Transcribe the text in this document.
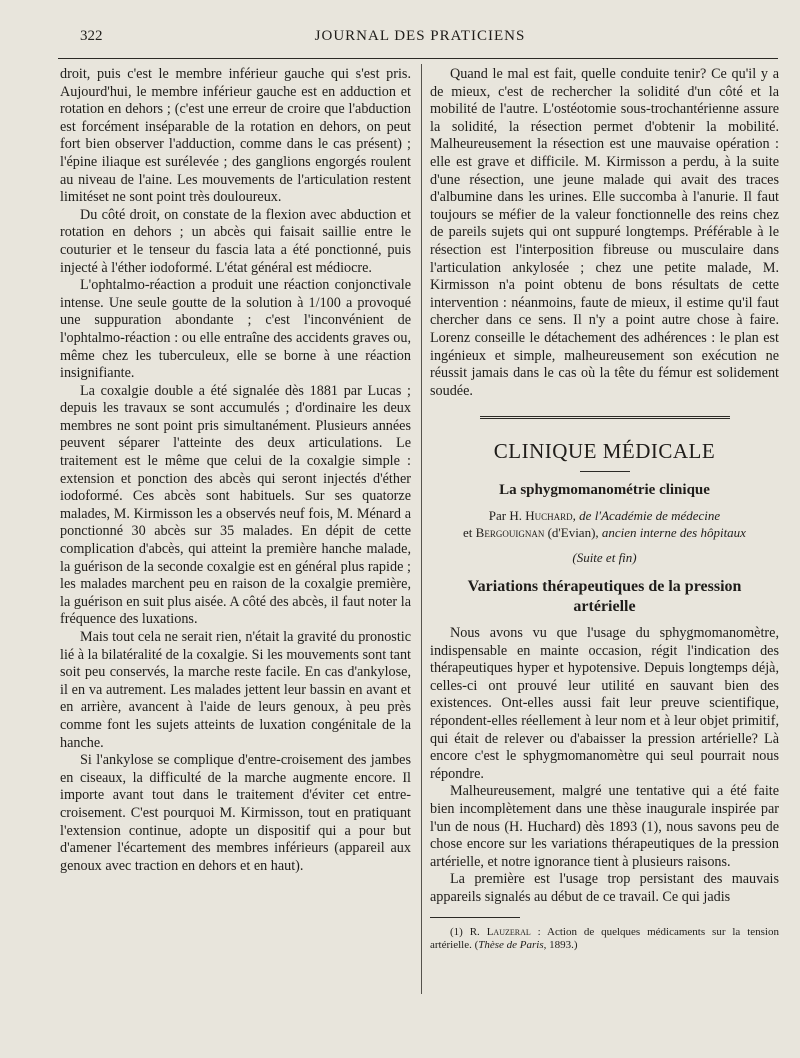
322	JOURNAL DES PRATICIENS

droit, puis c'est le membre inférieur gauche qui s'est pris. Aujourd'hui, le membre inférieur gauche est en adduction et rotation en dehors ; (c'est une erreur de croire que l'abduction est forcément inséparable de la rotation en dehors, on peut fort bien observer l'adduction, comme dans le cas présent) ; l'épine iliaque est surélevée ; des ganglions engorgés roulent au niveau de l'aine. Les mouvements de l'articulation restent limitéset ne sont point très douloureux.

Du côté droit, on constate de la flexion avec abduction et rotation en dehors ; un abcès qui faisait saillie entre le couturier et le tenseur du fascia lata a été ponctionné, puis injecté à l'éther iodoformé. L'état général est médiocre.

L'ophtalmo-réaction a produit une réaction conjonctivale intense. Une seule goutte de la solution à 1/100 a provoqué une suppuration abondante ; c'est l'inconvénient de l'ophtalmo-réaction : ou elle entraîne des accidents graves ou, même chez les tuberculeux, elle se borne à une réaction insignifiante.

La coxalgie double a été signalée dès 1881 par Lucas ; depuis les travaux se sont accumulés ; d'ordinaire les deux membres ne sont point pris simultanément. Plusieurs années peuvent séparer l'atteinte des deux articulations. Le traitement est le même que celui de la coxalgie simple : extension et ponction des abcès qui seront injectés d'éther iodoformé. Ces abcès sont habituels. Sur ses quatorze malades, M. Kirmisson les a observés neuf fois, M. Ménard a ponctionné 30 abcès sur 35 malades. En dépit de cette complication d'abcès, qui atteint la première hanche malade, la guérison de la seconde coxalgie est en général plus rapide ; les malades marchent peu en raison de la coxalgie première, la guérison en suit plus aisée. A côté des abcès, il faut noter la fréquence des luxations.

Mais tout cela ne serait rien, n'était la gravité du pronostic lié à la bilatéralité de la coxalgie. Si les mouvements sont tant soit peu conservés, la marche reste facile. En cas d'ankylose, il en va autrement. Les malades jettent leur bassin en avant et en arrière, avancent à l'aide de leurs genoux, à peu près comme font les sujets atteints de luxation congénitale de la hanche.

Si l'ankylose se complique d'entre-croisement des jambes en ciseaux, la difficulté de la marche augmente encore. Il importe avant tout dans le traitement d'éviter cet entre-croisement. C'est pourquoi M. Kirmisson, tout en pratiquant l'extension continue, adopte un dispositif qui a pour but d'amener l'écartement des membres inférieurs (appareil aux genoux avec traction en dehors et en haut).

Quand le mal est fait, quelle conduite tenir? Ce qu'il y a de mieux, c'est de rechercher la solidité d'un côté et la mobilité de l'autre. L'ostéotomie sous-trochantérienne assure la solidité, la résection permet d'obtenir la mobilité. Malheureusement la résection est une mauvaise opération : elle est grave et difficile. M. Kirmisson a perdu, à la suite d'une résection, une jeune malade qui avait des traces d'albumine dans les urines. Elle succomba à l'anurie. Il faut toujours se méfier de la valeur fonctionnelle des reins chez de pareils sujets qui ont suppuré longtemps. Préférable à le résection est l'interposition fibreuse ou musculaire dans l'articulation ankylosée ; chez une petite malade, M. Kirmisson n'a point obtenu de bons résultats de cette intervention : néanmoins, faute de mieux, il estime qu'il faut chercher dans ce sens. Il n'y a point autre chose à faire. Lorenz conseille le détachement des adhérences : le plan est ingénieux et simple, malheureusement son exécution ne réussit jamais dans le cas où la tête du fémur est solidement soudée.

CLINIQUE MÉDICALE
La sphygmomanométrie clinique
Par H. Huchard, de l'Académie de médecine
et Bergouignan (d'Evian), ancien interne des hôpitaux
(Suite et fin)
Variations thérapeutiques de la pression artérielle

Nous avons vu que l'usage du sphygmomanomètre, indispensable en mainte occasion, régit l'indication des thérapeutiques hyper et hypotensive. Depuis longtemps déjà, celles-ci ont prouvé leur utilité en sauvant bien des existences. Ont-elles aussi fait leur preuve scientifique, répondent-elles réellement à leur nom et à leur objet primitif, qui était de relever ou d'abaisser la pression artérielle? Là encore c'est le sphygmomanomètre qui seul pourrait nous répondre.

Malheureusement, malgré une tentative qui a été faite bien incomplètement dans une thèse inaugurale inspirée par l'un de nous (H. Huchard) dès 1893 (1), nous savons peu de chose encore sur les variations thérapeutiques de la pression artérielle, et notre ignorance tient à plusieurs raisons.

La première est l'usage trop persistant des mauvais appareils signalés au début de ce travail. Ce qui jadis

(1) R. Lauzeral : Action de quelques médicaments sur la tension artérielle. (Thèse de Paris, 1893.)
